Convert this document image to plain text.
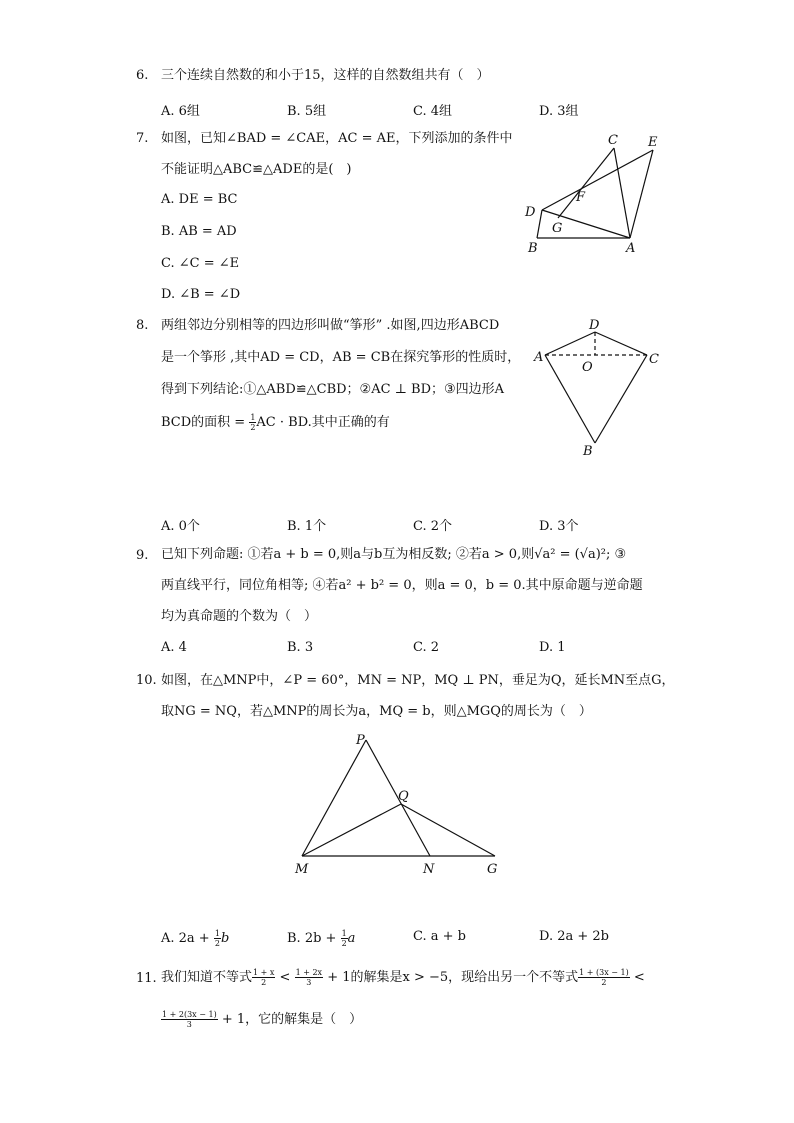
6. 三个连续自然数的和小于15，这样的自然数组共有（　）
A. 6组	B. 5组	C. 4组	D. 3组
7. 如图，已知∠BAD = ∠CAE，AC = AE，下列添加的条件中
不能证明△ABC≌△ADE的是(　)
A. DE = BC
B. AB = AD
C. ∠C = ∠E
D. ∠B = ∠D
C E
F
D
G
B	A
8. 两组邻边分别相等的四边形叫做“筝形” .如图,四边形ABCD
是一个筝形 ,其中AD = CD，AB = CB在探究筝形的性质时，
得到下列结论:①△ABD≌△CBD；②AC ⊥ BD；③四边形A
BCD的面积 = $\frac{1}{2}$ AC · BD.其中正确的有
A. 0个	B. 1个	C. 2个	D. 3个
D
A
O
C
B
9. 已知下列命题: ①若a + b = 0,则a与b互为相反数; ②若a > 0,则√a² = (√a)²; ③
两直线平行，同位角相等; ④若a² + b² = 0，则a = 0，b = 0.其中原命题与逆命题
均为真命题的个数为（　）
A. 4	B. 3	C. 2	D. 1
10. 如图，在△MNP中，∠P = 60°，MN = NP，MQ ⊥ PN，垂足为Q，延长MN至点G，
取NG = NQ，若△MNP的周长为a，MQ = b，则△MGQ的周长为（　）
P
Q
M	N	G
A. $2a + \frac{1}{2}$ b	B. $2b + \frac{1}{2}$ a	C. a + b	D. 2a + 2b
11. 我们知道不等式 $\frac{1 + x}{2} < \frac{1 + 2x}{3} + 1$的解集是x > −5，现给出另一个不等式 $\frac{1 + (3x - 1)}{2}$ <
$\frac{1 + 2(3x - 1)}{3} + 1$，它的解集是（　）
